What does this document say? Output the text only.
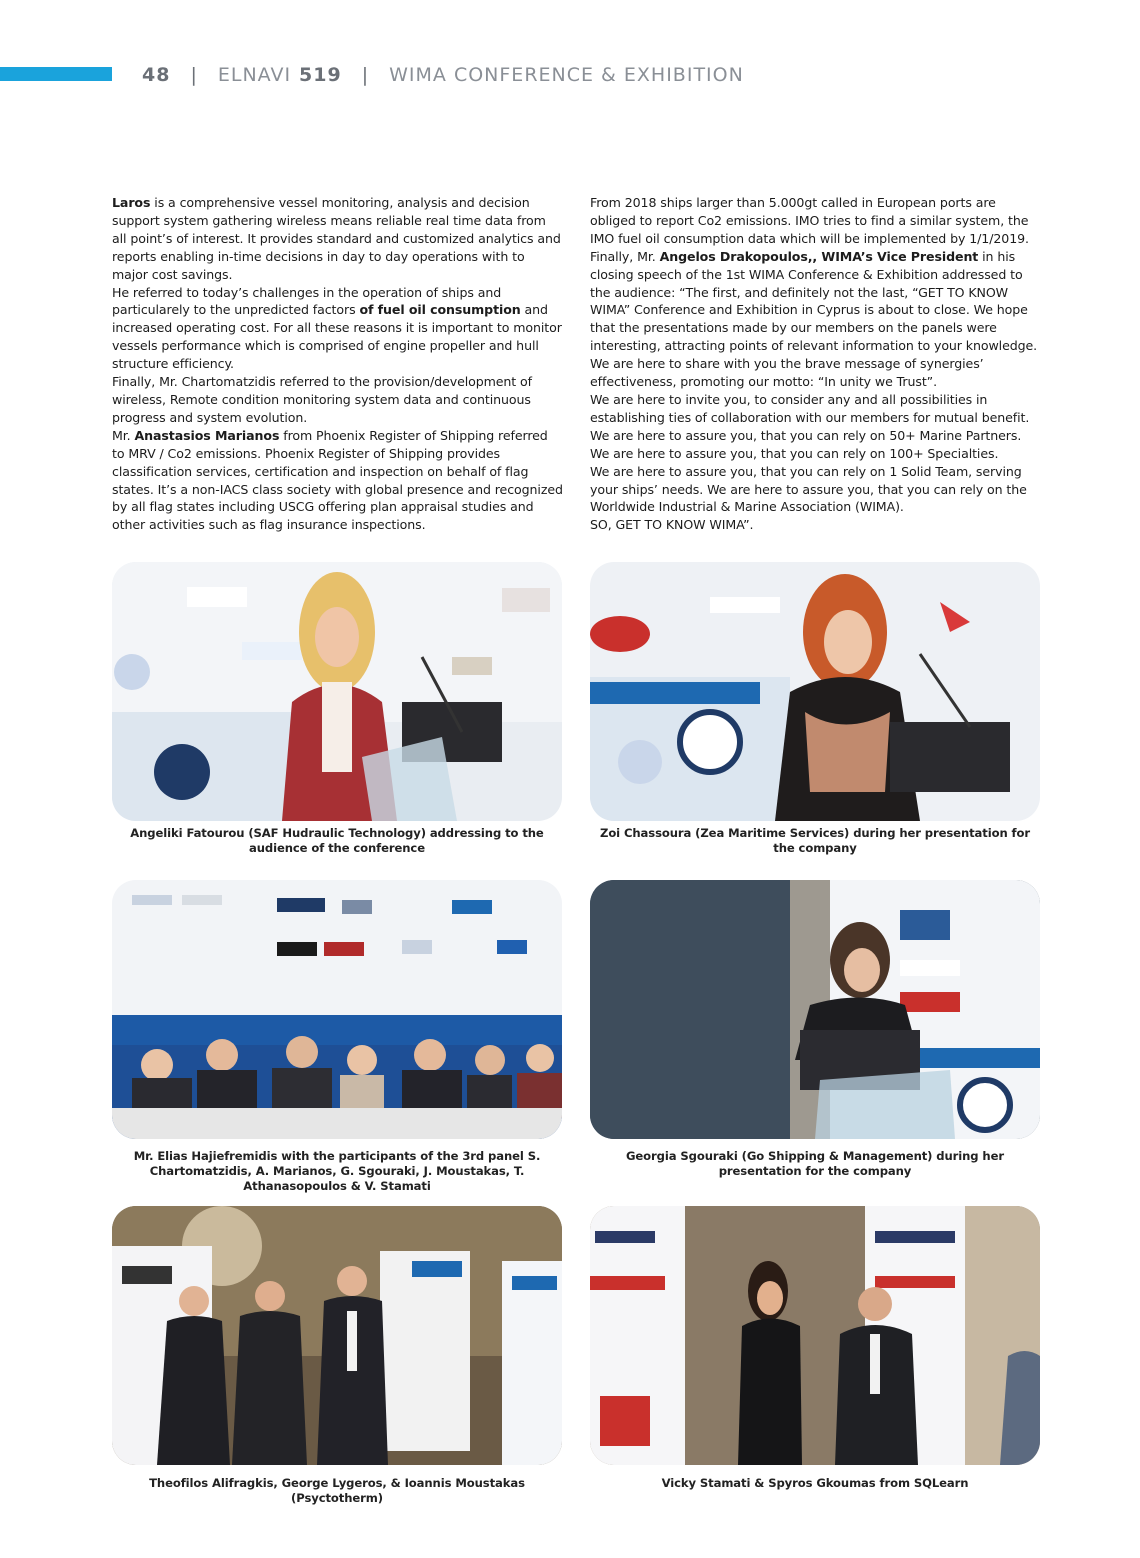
48 | ELNAVI 519 | WIMA CONFERENCE & EXHIBITION

Laros is a comprehensive vessel monitoring, analysis and decision support system gathering wireless means reliable real time data from all point’s of interest. It provides standard and customized analytics and reports enabling in-time decisions in day to day operations with to major cost savings.

He referred to today’s challenges in the operation of ships and particularely to the unpredicted factors of fuel oil consumption and increased operating cost. For all these reasons it is important to monitor vessels performance which is comprised of engine propeller and hull structure efficiency.

Finally, Mr. Chartomatzidis referred to the provision/development of wireless, Remote condition monitoring system data and continuous progress and system evolution.

Mr. Anastasios Marianos from Phoenix Register of Shipping referred to MRV / Co2 emissions. Phoenix Register of Shipping provides classification services, certification and inspection on behalf of flag states. It’s a non-IACS class society with global presence and recognized by all flag states including USCG offering plan appraisal studies and other activities such as flag insurance inspections.

From 2018 ships larger than 5.000gt called in European ports are obliged to report Co2 emissions. IMO tries to find a similar system, the IMO fuel oil consumption data which will be implemented by 1/1/2019.

Finally, Mr. Angelos Drakopoulos,, WIMA’s Vice President in his closing speech of the 1st WIMA Conference & Exhibition addressed to the audience: “The first, and definitely not the last, “GET TO KNOW WIMA” Conference and Exhibition in Cyprus is about to close. We hope that the presentations made by our members on the panels were interesting, attracting points of relevant information to your knowledge.

We are here to share with you the brave message of synergies’ effectiveness, promoting our motto: “In unity we Trust”.

We are here to invite you, to consider any and all possibilities in establishing ties of collaboration with our members for mutual benefit.

We are here to assure you, that you can rely on 50+ Marine Partners.

We are here to assure you, that you can rely on 100+ Specialties.

We are here to assure you, that you can rely on 1 Solid Team, serving your ships’ needs. We are here to assure you, that you can rely on the Worldwide Industrial & Marine Association (WIMA).

SO, GET TO KNOW WIMA”.

Angeliki Fatourou (SAF Hudraulic Technology) addressing to the audience of the conference
Zoi Chassoura (Zea Maritime Services) during her presentation for the company
Mr. Elias Hajiefremidis with the participants of the 3rd panel S. Chartomatzidis, A. Marianos, G. Sgouraki, J. Moustakas, T. Athanasopoulos & V. Stamati
Georgia Sgouraki (Go Shipping & Management) during her presentation for the company
Theofilos Alifragkis, George Lygeros, & Ioannis Moustakas (Psyctotherm)
Vicky Stamati & Spyros Gkoumas from SQLearn
